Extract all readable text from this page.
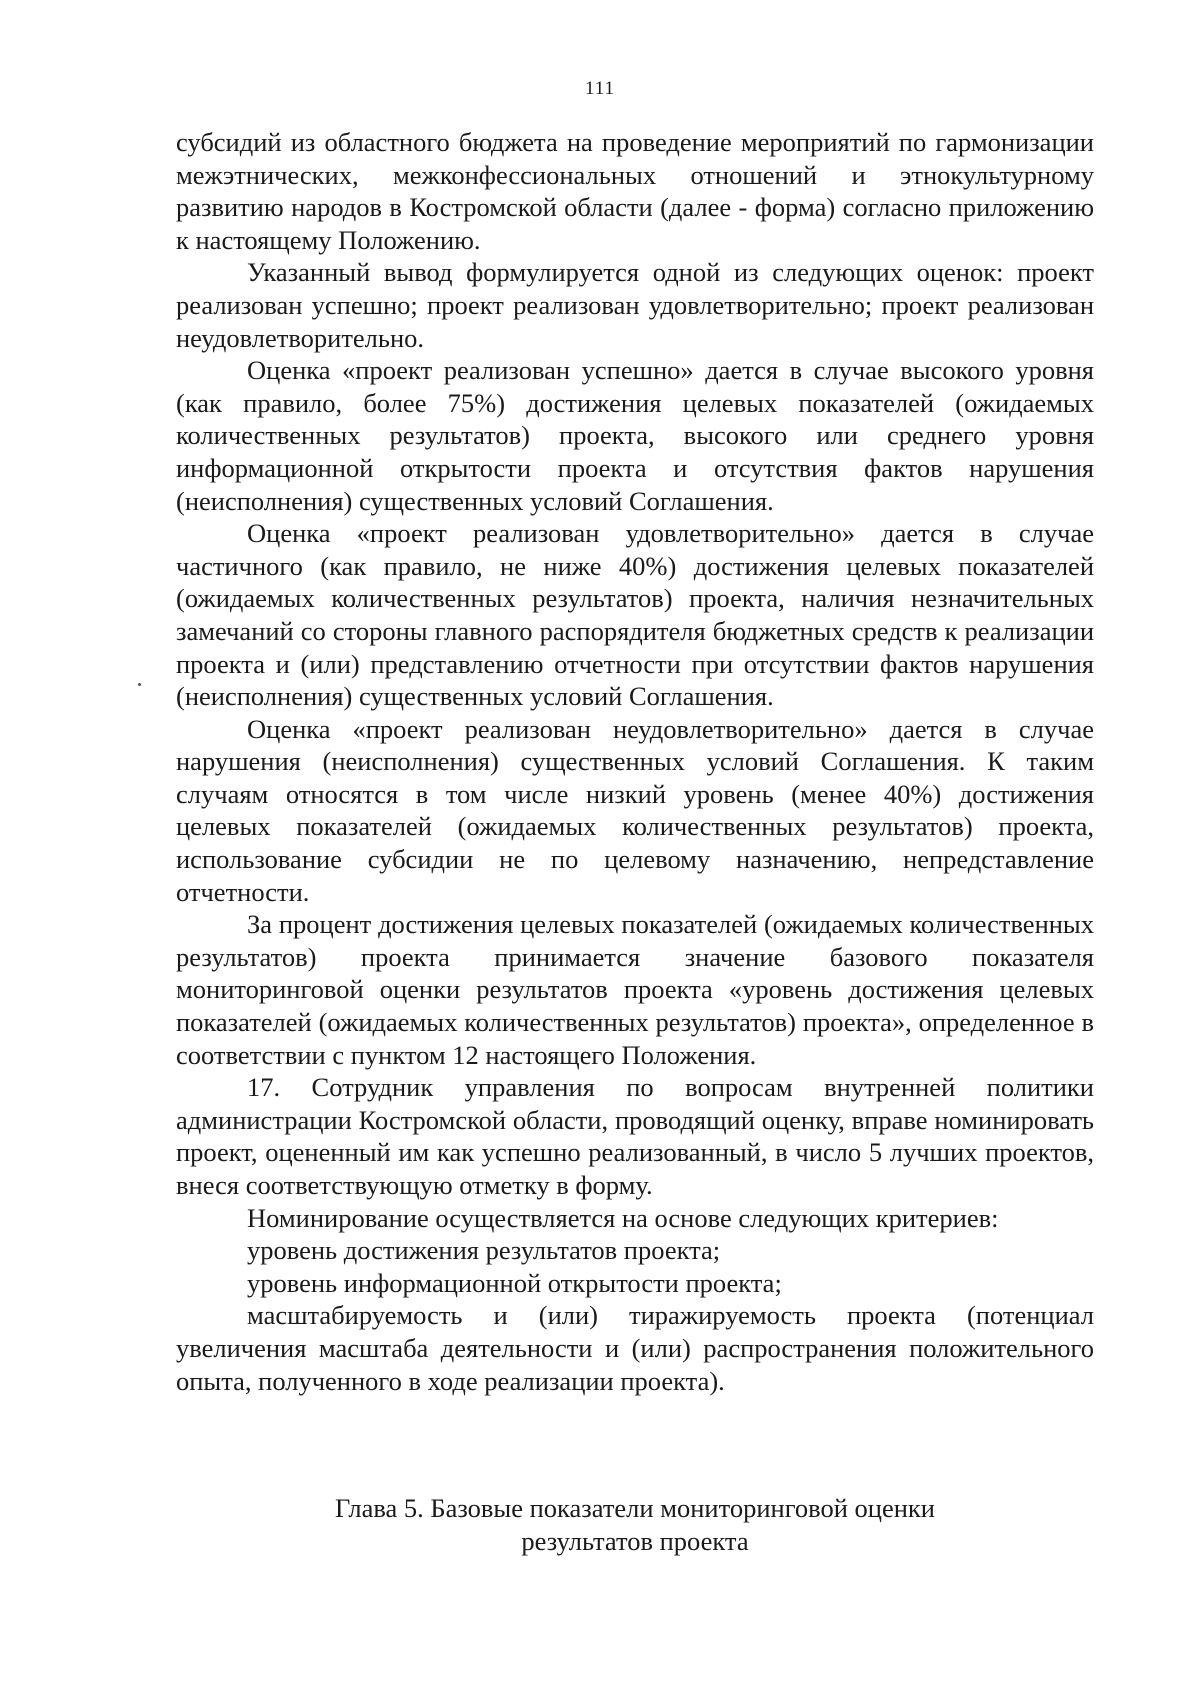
111

субсидий из областного бюджета на проведение мероприятий по гармонизации межэтнических, межконфессиональных отношений и этнокультурному развитию народов в Костромской области (далее - форма) согласно приложению к настоящему Положению.

Указанный вывод формулируется одной из следующих оценок: проект реализован успешно; проект реализован удовлетворительно; проект реализован неудовлетворительно.

Оценка «проект реализован успешно» дается в случае высокого уровня (как правило, более 75%) достижения целевых показателей (ожидаемых количественных результатов) проекта, высокого или среднего уровня информационной открытости проекта и отсутствия фактов нарушения (неисполнения) существенных условий Соглашения.

Оценка «проект реализован удовлетворительно» дается в случае частичного (как правило, не ниже 40%) достижения целевых показателей (ожидаемых количественных результатов) проекта, наличия незначительных замечаний со стороны главного распорядителя бюджетных средств к реализации проекта и (или) представлению отчетности при отсутствии фактов нарушения (неисполнения) существенных условий Соглашения.

Оценка «проект реализован неудовлетворительно» дается в случае нарушения (неисполнения) существенных условий Соглашения. К таким случаям относятся в том числе низкий уровень (менее 40%) достижения целевых показателей (ожидаемых количественных результатов) проекта, использование субсидии не по целевому назначению, непредставление отчетности.

За процент достижения целевых показателей (ожидаемых количественных результатов) проекта принимается значение базового показателя мониторинговой оценки результатов проекта «уровень достижения целевых показателей (ожидаемых количественных результатов) проекта», определенное в соответствии с пунктом 12 настоящего Положения.

17. Сотрудник управления по вопросам внутренней политики администрации Костромской области, проводящий оценку, вправе номинировать проект, оцененный им как успешно реализованный, в число 5 лучших проектов, внеся соответствующую отметку в форму.

Номинирование осуществляется на основе следующих критериев:

уровень достижения результатов проекта;

уровень информационной открытости проекта;

масштабируемость и (или) тиражируемость проекта (потенциал увеличения масштаба деятельности и (или) распространения положительного опыта, полученного в ходе реализации проекта).

Глава 5. Базовые показатели мониторинговой оценки
результатов проекта
